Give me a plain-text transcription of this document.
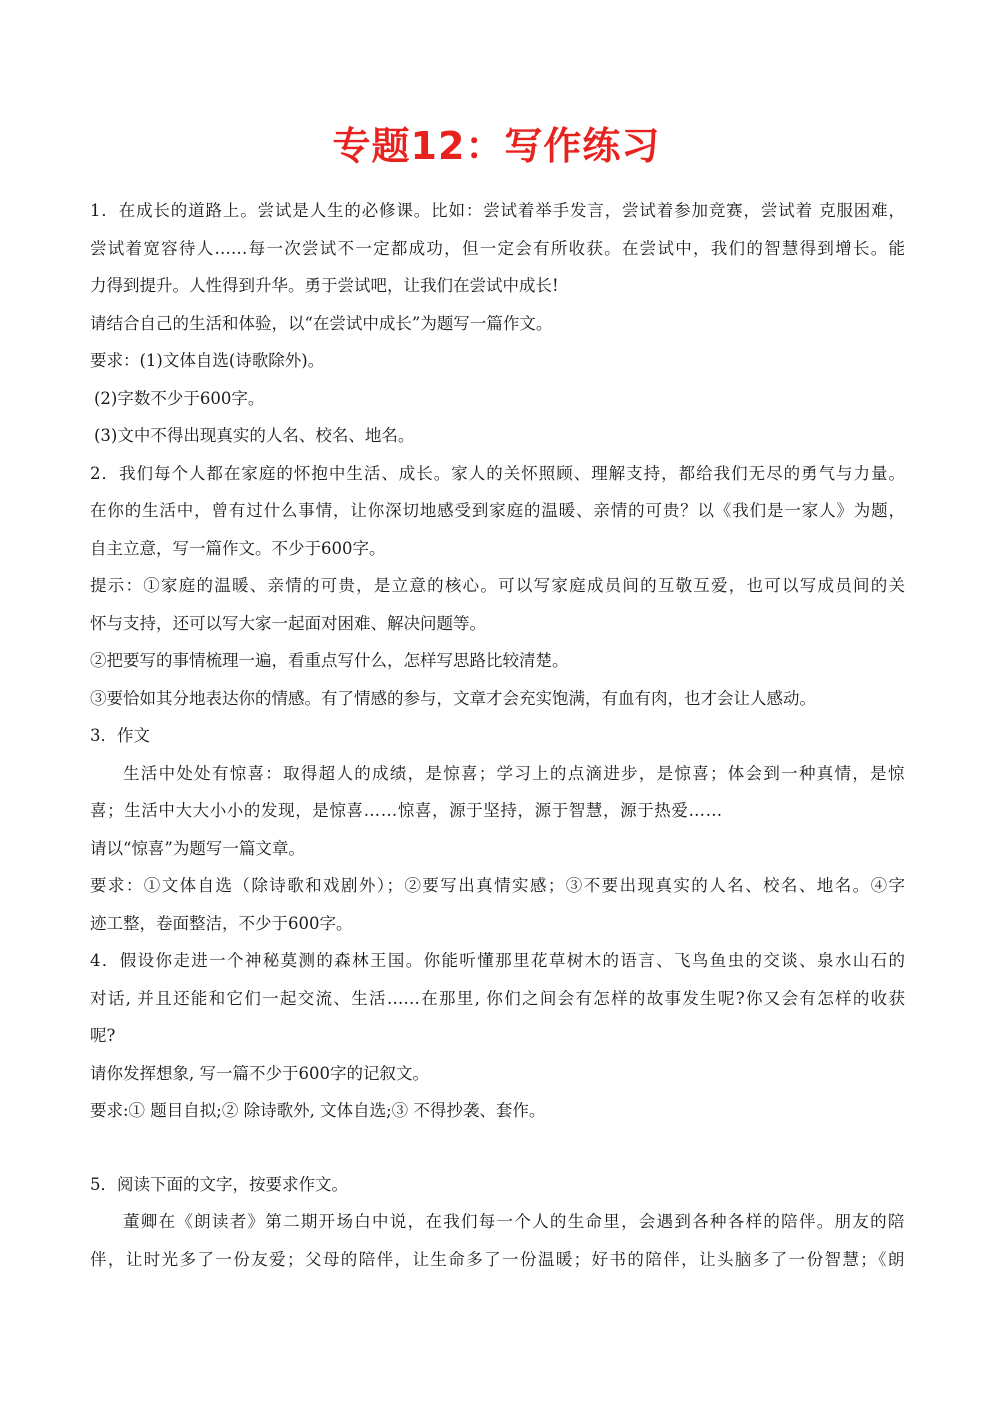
专题12：写作练习
1．在成长的道路上。尝试是人生的必修课。比如：尝试着举手发言，尝试着参加竞赛，尝试着 克服困难，
尝试着宽容待人……每一次尝试不一定都成功，但一定会有所收获。在尝试中，我们的智慧得到增长。能
力得到提升。人性得到升华。勇于尝试吧，让我们在尝试中成长!
请结合自己的生活和体验，以“在尝试中成长”为题写一篇作文。
要求：(1)文体自选(诗歌除外)。
(2)字数不少于600字。
(3)文中不得出现真实的人名、校名、地名。
2．我们每个人都在家庭的怀抱中生活、成长。家人的关怀照顾、理解支持，都给我们无尽的勇气与力量。
在你的生活中，曾有过什么事情，让你深切地感受到家庭的温暖、亲情的可贵？以《我们是一家人》为题，
自主立意，写一篇作文。不少于600字。
提示：①家庭的温暖、亲情的可贵，是立意的核心。可以写家庭成员间的互敬互爱，也可以写成员间的关
怀与支持，还可以写大家一起面对困难、解决问题等。
②把要写的事情梳理一遍，看重点写什么，怎样写思路比较清楚。
③要恰如其分地表达你的情感。有了情感的参与，文章才会充实饱满，有血有肉，也才会让人感动。
3．作文
生活中处处有惊喜：取得超人的成绩，是惊喜；学习上的点滴进步，是惊喜；体会到一种真情，是惊
喜；生活中大大小小的发现，是惊喜……惊喜，源于坚持，源于智慧，源于热爱……
请以“惊喜”为题写一篇文章。
要求：①文体自选（除诗歌和戏剧外）；②要写出真情实感；③不要出现真实的人名、校名、地名。④字
迹工整，卷面整洁，不少于600字。
4．假设你走进一个神秘莫测的森林王国。你能听懂那里花草树木的语言、飞鸟鱼虫的交谈、泉水山石的
对话, 并且还能和它们一起交流、生活……在那里, 你们之间会有怎样的故事发生呢?你又会有怎样的收获
呢?
请你发挥想象, 写一篇不少于600字的记叙文。
要求:① 题目自拟;② 除诗歌外, 文体自选;③ 不得抄袭、套作。
5．阅读下面的文字，按要求作文。
董卿在《朗读者》第二期开场白中说，在我们每一个人的生命里，会遇到各种各样的陪伴。朋友的陪
伴，让时光多了一份友爱；父母的陪伴，让生命多了一份温暖；好书的陪伴，让头脑多了一份智慧；《朗
